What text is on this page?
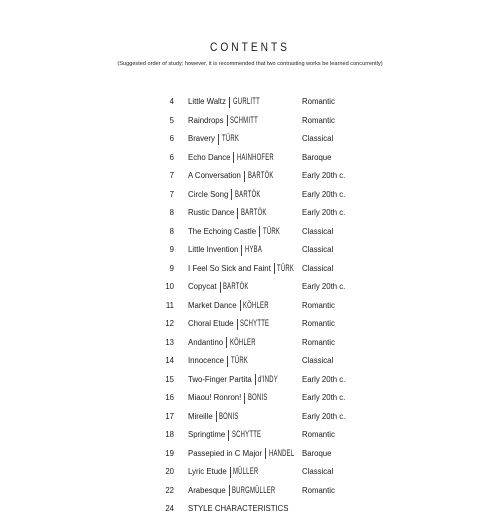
CONTENTS
(Suggested order of study; however, it is recommended that two contrasting works be learned concurrently)
4 Little Waltz GURLITT	Romantic
5 Raindrops SCHMITT	Romantic
6 Bravery TÜRK	Classical
6 Echo Dance HAINHOFER	Baroque
7 A Conversation BARTÓK	Early 20th c.
7 Circle Song BARTÓK	Early 20th c.
8 Rustic Dance BARTÓK	Early 20th c.
8 The Echoing Castle TÜRK	Classical
9 Little Invention HYBA	Classical
9 I Feel So Sick and Faint TÜRK Classical
10 Copycat BARTÓK	Early 20th c.
11 Market Dance KÖHLER	Romantic
12 Choral Etude SCHYTTE	Romantic
13 Andantino KÖHLER	Romantic
14 Innocence TÜRK	Classical
15 Two-Finger Partita d'INDY	Early 20th c.
16 Miaou! Ronron! BONIS	Early 20th c.
17 Mireille BONIS	Early 20th c.
18 Springtime SCHYTTE	Romantic
19 Passepied in C Major HANDEL Baroque
20 Lyric Etude MÜLLER	Classical
22 Arabesque BURGMÜLLER	Romantic
24 STYLE CHARACTERISTICS
